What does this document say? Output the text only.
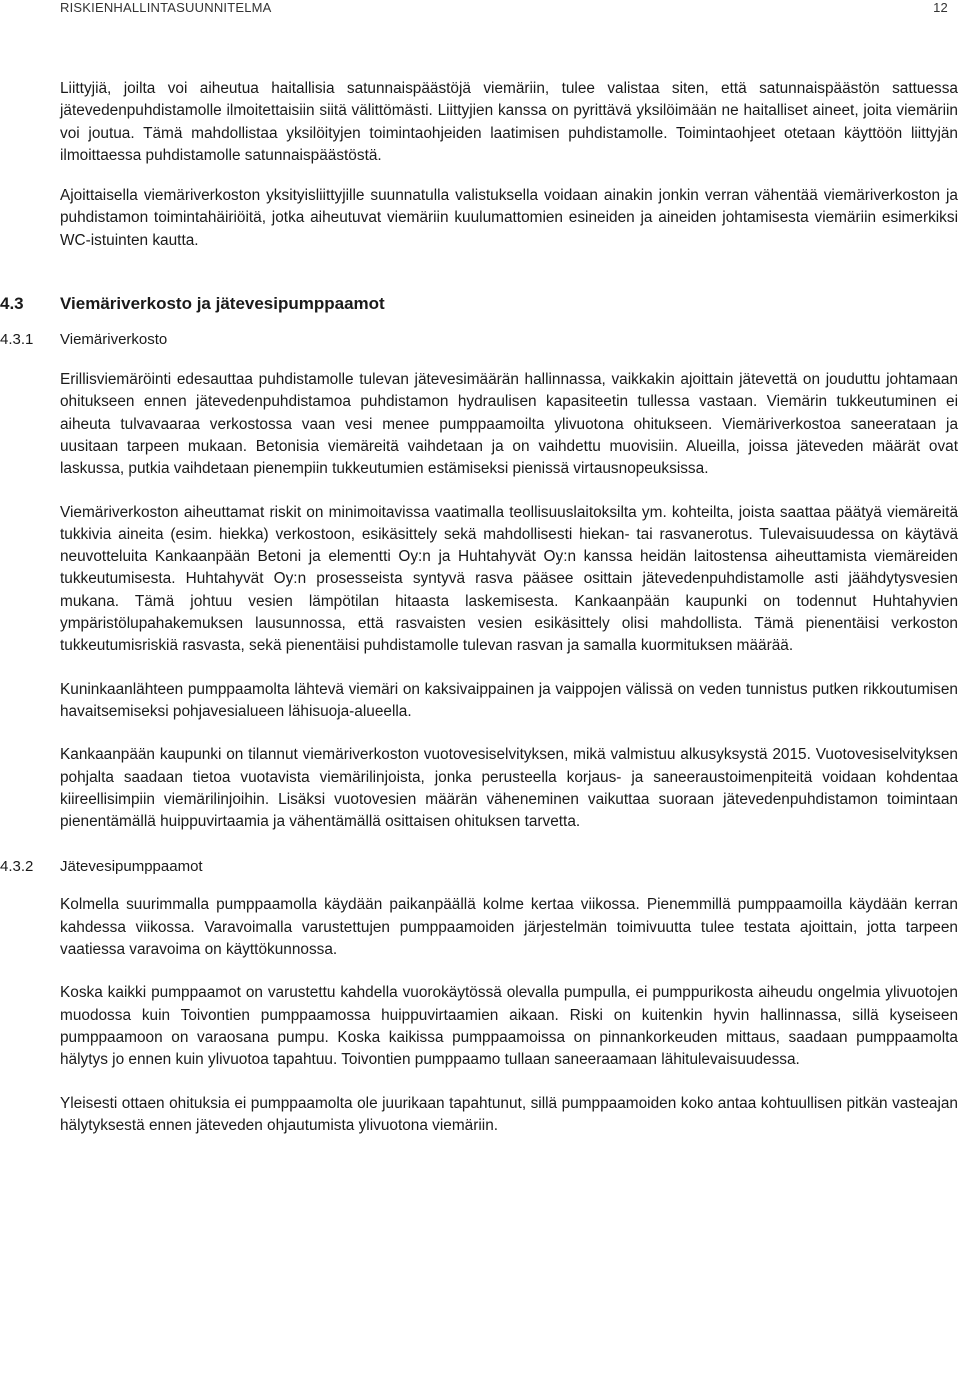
RISKIENHALLINTASUUNNITELMA	12

Liittyjiä, joilta voi aiheutua haitallisia satunnaispäästöjä viemäriin, tulee valistaa siten, että satunnaispäästön sattuessa jätevedenpuhdistamolle ilmoitettaisiin siitä välittömästi. Liittyjien kanssa on pyrittävä yksilöimään ne haitalliset aineet, joita viemäriin voi joutua. Tämä mahdollistaa yksilöityjen toimintaohjeiden laatimisen puhdistamolle. Toimintaohjeet otetaan käyttöön liittyjän ilmoittaessa puhdistamolle satunnaispäästöstä.

Ajoittaisella viemäriverkoston yksityisliittyjille suunnatulla valistuksella voidaan ainakin jonkin verran vähentää viemäriverkoston ja puhdistamon toimintahäiriöitä, jotka aiheutuvat viemäriin kuulumattomien esineiden ja aineiden johtamisesta viemäriin esimerkiksi WC-istuinten kautta.

4.3 Viemäriverkosto ja jätevesipumppaamot
4.3.1 Viemäriverkosto

Erillisviemäröinti edesauttaa puhdistamolle tulevan jätevesimäärän hallinnassa, vaikkakin ajoittain jätevettä on jouduttu johtamaan ohitukseen ennen jätevedenpuhdistamoa puhdistamon hydraulisen kapasiteetin tullessa vastaan. Viemärin tukkeutuminen ei aiheuta tulvavaaraa verkostossa vaan vesi menee pumppaamoilta ylivuotona ohitukseen. Viemäriverkostoa saneerataan ja uusitaan tarpeen mukaan. Betonisia viemäreitä vaihdetaan ja on vaihdettu muovisiin. Alueilla, joissa jäteveden määrät ovat laskussa, putkia vaihdetaan pienempiin tukkeutumien estämiseksi pienissä virtausnopeuksissa.

Viemäriverkoston aiheuttamat riskit on minimoitavissa vaatimalla teollisuuslaitoksilta ym. kohteilta, joista saattaa päätyä viemäreitä tukkivia aineita (esim. hiekka) verkostoon, esikäsittely sekä mahdollisesti hiekan- tai rasvanerotus. Tulevaisuudessa on käytävä neuvotteluita Kankaanpään Betoni ja elementti Oy:n ja Huhtahyvät Oy:n kanssa heidän laitostensa aiheuttamista viemäreiden tukkeutumisesta. Huhtahyvät Oy:n prosesseista syntyvä rasva pääsee osittain jätevedenpuhdistamolle asti jäähdytysvesien mukana. Tämä johtuu vesien lämpötilan hitaasta laskemisesta. Kankaanpään kaupunki on todennut Huhtahyvien ympäristölupahakemuksen lausunnossa, että rasvaisten vesien esikäsittely olisi mahdollista. Tämä pienentäisi verkoston tukkeutumisriskiä rasvasta, sekä pienentäisi puhdistamolle tulevan rasvan ja samalla kuormituksen määrää.

Kuninkaanlähteen pumppaamolta lähtevä viemäri on kaksivaippainen ja vaippojen välissä on veden tunnistus putken rikkoutumisen havaitsemiseksi pohjavesialueen lähisuoja-alueella.

Kankaanpään kaupunki on tilannut viemäriverkoston vuotovesiselvityksen, mikä valmistuu alkusyksystä 2015. Vuotovesiselvityksen pohjalta saadaan tietoa vuotavista viemärilinjoista, jonka perusteella korjaus- ja saneeraustoimenpiteitä voidaan kohdentaa kiireellisimpiin viemärilinjoihin. Lisäksi vuotovesien määrän väheneminen vaikuttaa suoraan jätevedenpuhdistamon toimintaan pienentämällä huippuvirtaamia ja vähentämällä osittaisen ohituksen tarvetta.

4.3.2 Jätevesipumppaamot

Kolmella suurimmalla pumppaamolla käydään paikanpäällä kolme kertaa viikossa. Pienemmillä pumppaamoilla käydään kerran kahdessa viikossa. Varavoimalla varustettujen pumppaamoiden järjestelmän toimivuutta tulee testata ajoittain, jotta tarpeen vaatiessa varavoima on käyttökunnossa.

Koska kaikki pumppaamot on varustettu kahdella vuorokäytössä olevalla pumpulla, ei pumppurikosta aiheudu ongelmia ylivuotojen muodossa kuin Toivontien pumppaamossa huippuvirtaamien aikaan. Riski on kuitenkin hyvin hallinnassa, sillä kyseiseen pumppaamoon on varaosana pumpu. Koska kaikissa pumppaamoissa on pinnankorkeuden mittaus, saadaan pumppaamolta hälytys jo ennen kuin ylivuotoa tapahtuu. Toivontien pumppaamo tullaan saneeraamaan lähitulevaisuudessa.

Yleisesti ottaen ohituksia ei pumppaamolta ole juurikaan tapahtunut, sillä pumppaamoiden koko antaa kohtuullisen pitkän vasteajan hälytyksestä ennen jäteveden ohjautumista ylivuotona viemäriin.
